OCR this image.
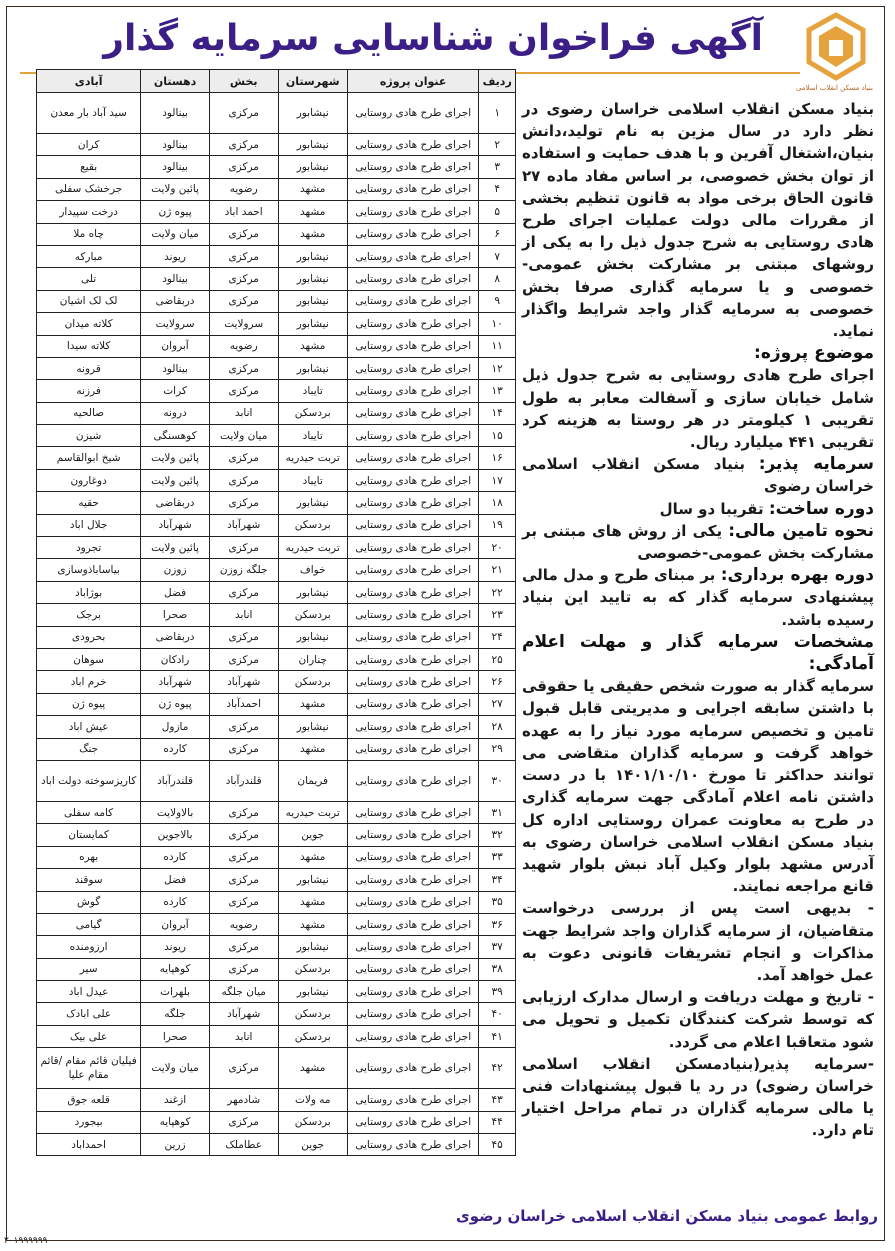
آگهی فراخوان شناسایی سرمایه گذار
بنیاد مسکن انقلاب اسلامی
ردیف	عنوان پروژه	شهرستان	بخش	دهستان	آبادی
۱	اجرای طرح هادی روستایی	نیشابور	مرکزی	بینالود	سید آباد بار معدن
۲	اجرای طرح هادی روستایی	نیشابور	مرکزی	بینالود	کران
۳	اجرای طرح هادی روستایی	نیشابور	مرکزی	بینالود	بقیع
۴	اجرای طرح هادی روستایی	مشهد	رضویه	پائین ولایت	جرخشک سفلی
۵	اجرای طرح هادی روستایی	مشهد	احمد اباد	پیوه ژن	درخت سپیدار
۶	اجرای طرح هادی روستایی	مشهد	مرکزی	میان ولایت	چاه ملا
۷	اجرای طرح هادی روستایی	نیشابور	مرکزی	ریوند	مبارکه
۸	اجرای طرح هادی روستایی	نیشابور	مرکزی	بینالود	تلی
۹	اجرای طرح هادی روستایی	نیشابور	مرکزی	دربقاضی	لک لک اشیان
۱۰	اجرای طرح هادی روستایی	نیشابور	سرولایت	سرولایت	کلاته میدان
۱۱	اجرای طرح هادی روستایی	مشهد	رضویه	آبروان	کلاته سیدا
۱۲	اجرای طرح هادی روستایی	نیشابور	مرکزی	بینالود	قرونه
۱۳	اجرای طرح هادی روستایی	تایباد	مرکزی	کرات	فرزنه
۱۴	اجرای طرح هادی روستایی	بردسکن	انابد	درونه	صالحیه
۱۵	اجرای طرح هادی روستایی	تایباد	میان ولایت	کوهسنگی	شیزن
۱۶	اجرای طرح هادی روستایی	تربت حیدریه	مرکزی	پائین ولایت	شیخ ابوالقاسم
۱۷	اجرای طرح هادی روستایی	تایباد	مرکزی	پائین ولایت	دوغارون
۱۸	اجرای طرح هادی روستایی	نیشابور	مرکزی	دربقاضی	حقیه
۱۹	اجرای طرح هادی روستایی	بردسکن	شهرآباد	شهرآباد	جلال اباد
۲۰	اجرای طرح هادی روستایی	تربت حیدریه	مرکزی	پائین ولایت	تجرود
۲۱	اجرای طرح هادی روستایی	خواف	جلگه زوزن	زوزن	بیاساباذوسازی
۲۲	اجرای طرح هادی روستایی	نیشابور	مرکزی	فضل	بوژاباد
۲۳	اجرای طرح هادی روستایی	بردسکن	انابد	صحرا	برجک
۲۴	اجرای طرح هادی روستایی	نیشابور	مرکزی	دربقاضی	بحرودی
۲۵	اجرای طرح هادی روستایی	چناران	مرکزی	رادکان	سوهان
۲۶	اجرای طرح هادی روستایی	بردسکن	شهرآباد	شهرآباد	خرم اباد
۲۷	اجرای طرح هادی روستایی	مشهد	احمدآباد	پیوه ژن	پیوه ژن
۲۸	اجرای طرح هادی روستایی	نیشابور	مرکزی	مازول	عیش اباد
۲۹	اجرای طرح هادی روستایی	مشهد	مرکزی	کارده	جنگ
۳۰	اجرای طرح هادی روستایی	فریمان	قلندرآباد	قلندرآباد	کاریزسوخته دولت اباد
۳۱	اجرای طرح هادی روستایی	تربت حیدریه	مرکزی	بالاولایت	کامه سفلی
۳۲	اجرای طرح هادی روستایی	جوین	مرکزی	بالاجوین	کمایستان
۳۳	اجرای طرح هادی روستایی	مشهد	مرکزی	کارده	بهره
۳۴	اجرای طرح هادی روستایی	نیشابور	مرکزی	فضل	سوقند
۳۵	اجرای طرح هادی روستایی	مشهد	مرکزی	کارده	گوش
۳۶	اجرای طرح هادی روستایی	مشهد	رضویه	آبروان	گیامی
۳۷	اجرای طرح هادی روستایی	نیشابور	مرکزی	ریوند	ارزومنده
۳۸	اجرای طرح هادی روستایی	بردسکن	مرکزی	کوهپایه	سیر
۳۹	اجرای طرح هادی روستایی	نیشابور	میان جلگه	بلهرات	عیدل اباد
۴۰	اجرای طرح هادی روستایی	بردسکن	شهرآباد	جلگه	علی ابادک
۴۱	اجرای طرح هادی روستایی	بردسکن	انابد	صحرا	علی بیک
۴۲	اجرای طرح هادی روستایی	مشهد	مرکزی	میان ولایت	فیلیان قائم مقام /قائم مقام علیا
۴۳	اجرای طرح هادی روستایی	مه ولات	شادمهر	ازغند	قلعه جوق
۴۴	اجرای طرح هادی روستایی	بردسکن	مرکزی	کوهپایه	بیجورد
۴۵	اجرای طرح هادی روستایی	جوین	عطاملک	زرین	احمداباد

بنیاد مسکن انقلاب اسلامی خراسان رضوی در نظر دارد در سال مزین به نام تولید،دانش بنیان،اشتغال آفرین و با هدف حمایت و استفاده از توان بخش خصوصی، بر اساس مفاد ماده ۲۷ قانون الحاق برخی مواد به قانون تنظیم بخشی از مقررات مالی دولت عملیات اجرای طرح هادی روستایی به شرح جدول ذیل را به یکی از روشهای مبتنی بر مشارکت بخش عمومی- خصوصی و یا سرمایه گذاری صرفا بخش خصوصی به سرمایه گذار واجد شرایط واگذار نماید.

موضوع پروژه:

اجرای طرح هادی روستایی به شرح جدول ذیل شامل خیابان سازی و آسفالت معابر به طول تقریبی ۱ کیلومتر در هر روستا به هزینه کرد تقریبی ۴۴۱ میلیارد ریال.

سرمایه پذیر: بنیاد مسکن انقلاب اسلامی خراسان رضوی

دوره ساخت: تقریبا دو سال

نحوه تامین مالی: یکی از روش های مبتنی بر مشارکت بخش عمومی-خصوصی

دوره بهره برداری: بر مبنای طرح و مدل مالی پیشنهادی سرمایه گذار که به تایید این بنیاد رسیده باشد.

مشخصات سرمایه گذار و مهلت اعلام آمادگی:

سرمایه گذار به صورت شخص حقیقی یا حقوقی با داشتن سابقه اجرایی و مدیریتی قابل قبول تامین و تخصیص سرمایه مورد نیاز را به عهده خواهد گرفت و سرمایه گذاران متقاضی می توانند حداکثر تا مورخ ۱۴۰۱/۱۰/۱۰ با در دست داشتن نامه اعلام آمادگی جهت سرمایه گذاری در طرح به معاونت عمران روستایی اداره کل بنیاد مسکن انقلاب اسلامی خراسان رضوی به آدرس مشهد بلوار وکیل آباد نبش بلوار شهید قانع مراجعه نمایند.

- بدیهی است پس از بررسی درخواست متقاضیان، از سرمایه گذاران واجد شرایط جهت مذاکرات و انجام تشریفات قانونی دعوت به عمل خواهد آمد.

- تاریخ و مهلت دریافت و ارسال مدارک ارزیابی که توسط شرکت کنندگان تکمیل و تحویل می شود متعاقبا اعلام می گردد.

-سرمایه پذیر(بنیادمسکن انقلاب اسلامی خراسان رضوی) در رد یا قبول پیشنهادات فنی یا مالی سرمایه گذاران در تمام مراحل اختیار تام دارد.

روابط عمومی بنیاد مسکن انقلاب اسلامی خراسان رضوی
۲۰۱۹۹۹۹۹۹
